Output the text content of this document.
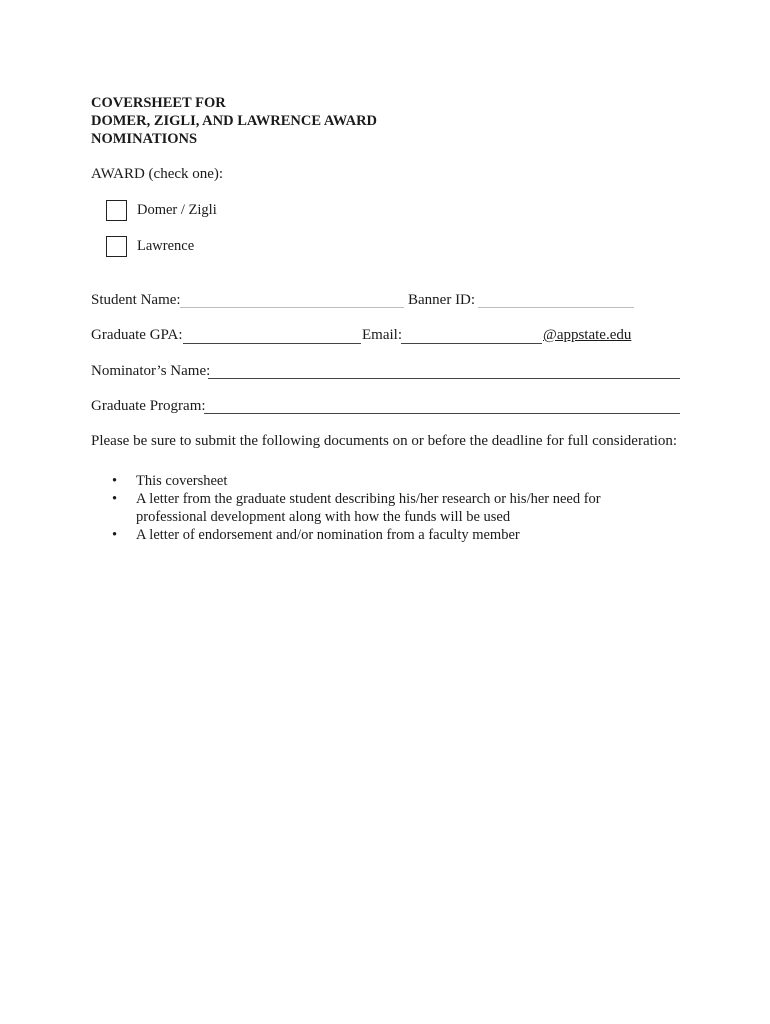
COVERSHEET FOR
DOMER, ZIGLI, AND LAWRENCE AWARD
NOMINATIONS
AWARD (check one):
Domer / Zigli
Lawrence
Student Name:	Banner ID:
Graduate GPA:	Email:	@appstate.edu
Nominator’s Name:
Graduate Program:
Please be sure to submit the following documents on or before the deadline for full consideration:
• This coversheet
• A letter from the graduate student describing his/her research or his/her need for
professional development along with how the funds will be used
• A letter of endorsement and/or nomination from a faculty member
